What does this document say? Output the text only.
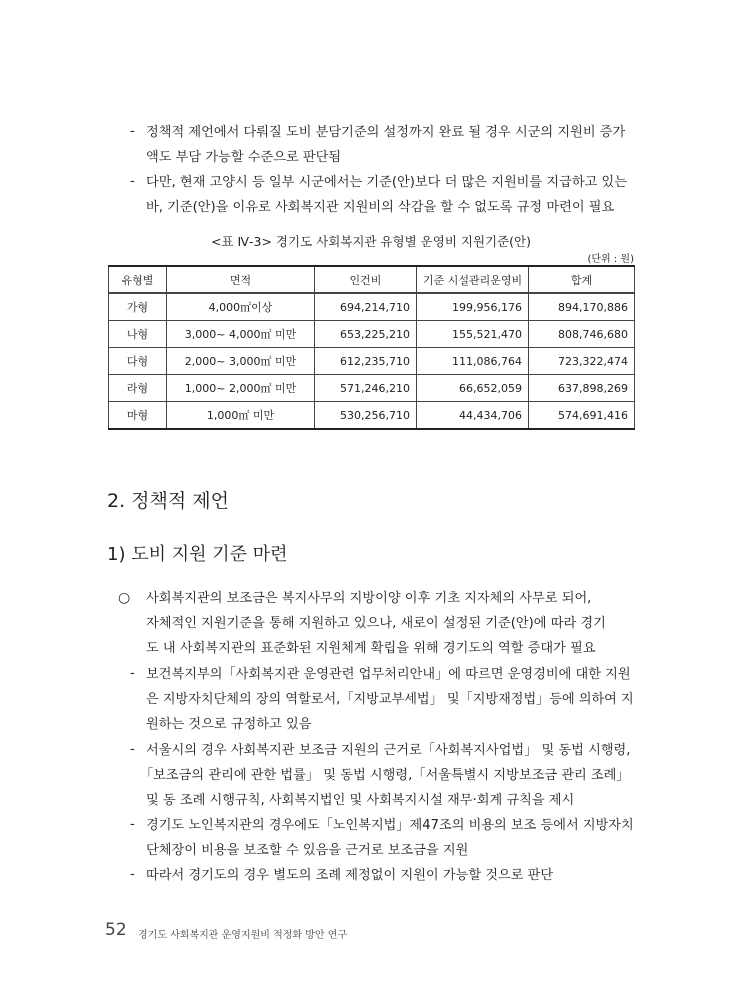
- 정책적 제언에서 다뤄질 도비 분담기준의 설정까지 완료 될 경우 시군의 지원비 증가
액도 부담 가능할 수준으로 판단됨
- 다만, 현재 고양시 등 일부 시군에서는 기준(안)보다 더 많은 지원비를 지급하고 있는
바, 기준(안)을 이유로 사회복지관 지원비의 삭감을 할 수 없도록 규정 마련이 필요
<표 Ⅳ-3> 경기도 사회복지관 유형별 운영비 지원기준(안)
(단위 : 원)
유형별	면적	인건비	기준 시설관리운영비	합계
가형	4,000㎡이상	694,214,710	199,956,176	894,170,886
나형	3,000~ 4,000㎡ 미만	653,225,210	155,521,470	808,746,680
다형	2,000~ 3,000㎡ 미만	612,235,710	111,086,764	723,322,474
라형	1,000~ 2,000㎡ 미만	571,246,210	66,652,059	637,898,269
마형	1,000㎡ 미만	530,256,710	44,434,706	574,691,416
2. 정책적 제언
1) 도비 지원 기준 마련
○ 사회복지관의 보조금은 복지사무의 지방이양 이후 기초 지자체의 사무로 되어,
자체적인 지원기준을 통해 지원하고 있으나, 새로이 설정된 기준(안)에 따라 경기
도 내 사회복지관의 표준화된 지원체계 확립을 위해 경기도의 역할 증대가 필요
- 보건복지부의「사회복지관 운영관련 업무처리안내」에 따르면 운영경비에 대한 지원
은 지방자치단체의 장의 역할로서,「지방교부세법」 및「지방재정법」등에 의하여 지
원하는 것으로 규정하고 있음
- 서울시의 경우 사회복지관 보조금 지원의 근거로「사회복지사업법」 및 동법 시행령,
「보조금의 관리에 관한 법률」 및 동법 시행령,「서울특별시 지방보조금 관리 조례」
및 동 조례 시행규칙, 사회복지법인 및 사회복지시설 재무·회계 규칙을 제시
- 경기도 노인복지관의 경우에도「노인복지법」제47조의 비용의 보조 등에서 지방자치
단체장이 비용을 보조할 수 있음을 근거로 보조금을 지원
- 따라서 경기도의 경우 별도의 조례 제정없이 지원이 가능할 것으로 판단
52 경기도 사회복지관 운영지원비 적정화 방안 연구
